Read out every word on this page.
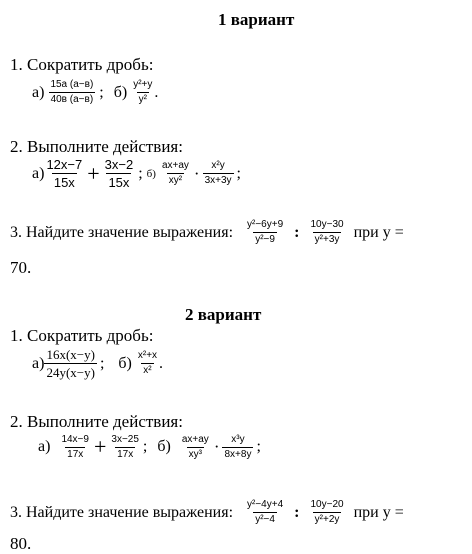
1 вариант
1. Сократить дробь:
$а) \frac{15a (a-в)}{40в (a-в)}$ ; $б) \frac{\text{y²+y}}{\text{y²}}$ .
2. Выполните действия:
$а) \frac{12x-7}{15x} + \frac{3x-2}{15x}$ ; $б) \frac{ax+ay}{\text{xy²}} \cdot \frac{\text{x²y}}{3x+3y}$ ;
3. Найдите значение выражения: $\frac{\text{y²−6y+9}}{\text{y²−9}}$ : $\frac{10y-30}{\text{y²+3y}}$ при у =
70.
2 вариант
1. Сократить дробь:
$а) \frac{16x(x-y)}{24y(x-y)}$ ; $б) \frac{\text{x²+x}}{\text{x²}}$ .
2. Выполните действия:
$а) \frac{14x-9}{17x} + \frac{3x-25}{17x}$ ; $б) \frac{ax+ay}{\text{xy³}} \cdot \frac{\text{x³y}}{8x+8y}$ ;
3. Найдите значение выражения: $\frac{\text{y²−4y+4}}{\text{y²−4}}$ : $\frac{10y-20}{\text{y²+2y}}$ при у =
80.
